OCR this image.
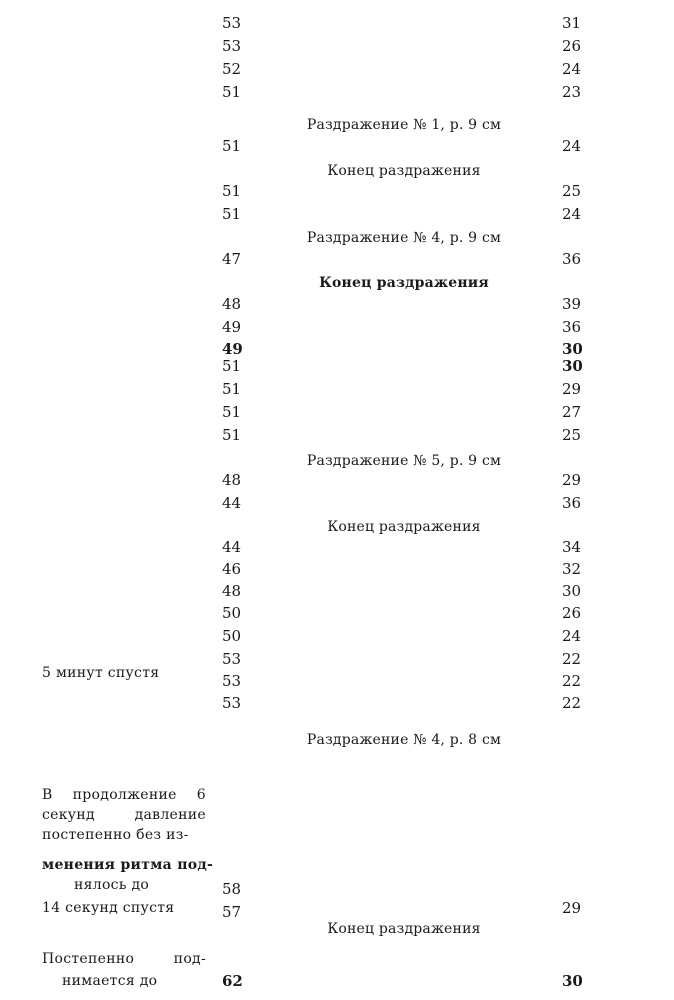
53	31
53	26
52	24
51	23
Раздражение № 1, р. 9 см
51	24
Конец раздражения
51	25
51	24
Раздражение № 4, р. 9 см
47	36
Конец раздражения
48	39
49	36
49	30
51	30
51	29
51	27
51	25
Раздражение № 5, р. 9 см
48	29
44	36
Конец раздражения
44	34
46	32
48	30
50	26
50	24
53	22
5 минут спустя	53	22
53	22
Раздражение № 4, р. 8 см
В продолжение 6
секунд давление
постепенно без из-
менения ритма под-
нялось до	58
14 секунд спустя	57	29
Конец раздражения
Постепенно под-
нимается до	62	30
